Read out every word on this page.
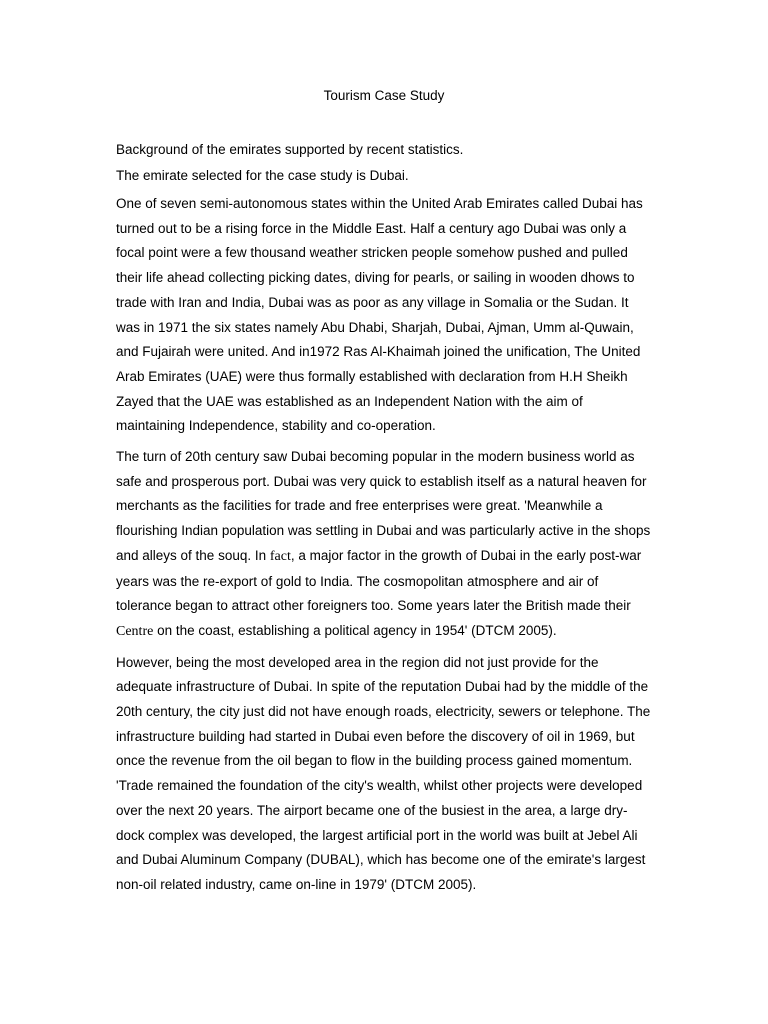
Tourism Case Study

Background of the emirates supported by recent statistics.

The emirate selected for the case study is Dubai.

One of seven semi-autonomous states within the United Arab Emirates called Dubai has turned out to be a rising force in the Middle East. Half a century ago Dubai was only a focal point were a few thousand weather stricken people somehow pushed and pulled their life ahead collecting picking dates, diving for pearls, or sailing in wooden dhows to trade with Iran and India, Dubai was as poor as any village in Somalia or the Sudan. It was in 1971 the six states namely Abu Dhabi, Sharjah, Dubai, Ajman, Umm al-Quwain, and Fujairah were united. And in1972 Ras Al-Khaimah joined the unification, The United Arab Emirates (UAE) were thus formally established with declaration from H.H Sheikh Zayed that the UAE was established as an Independent Nation with the aim of maintaining Independence, stability and co-operation.

The turn of 20th century saw Dubai becoming popular in the modern business world as safe and prosperous port. Dubai was very quick to establish itself as a natural heaven for merchants as the facilities for trade and free enterprises were great. 'Meanwhile a flourishing Indian population was settling in Dubai and was particularly active in the shops and alleys of the souq. In fact, a major factor in the growth of Dubai in the early post-war years was the re-export of gold to India. The cosmopolitan atmosphere and air of tolerance began to attract other foreigners too. Some years later the British made their Centre on the coast, establishing a political agency in 1954' (DTCM 2005).

However, being the most developed area in the region did not just provide for the adequate infrastructure of Dubai. In spite of the reputation Dubai had by the middle of the 20th century, the city just did not have enough roads, electricity, sewers or telephone. The infrastructure building had started in Dubai even before the discovery of oil in 1969, but once the revenue from the oil began to flow in the building process gained momentum. 'Trade remained the foundation of the city's wealth, whilst other projects were developed over the next 20 years. The airport became one of the busiest in the area, a large dry-dock complex was developed, the largest artificial port in the world was built at Jebel Ali and Dubai Aluminum Company (DUBAL), which has become one of the emirate's largest non-oil related industry, came on-line in 1979' (DTCM 2005).
